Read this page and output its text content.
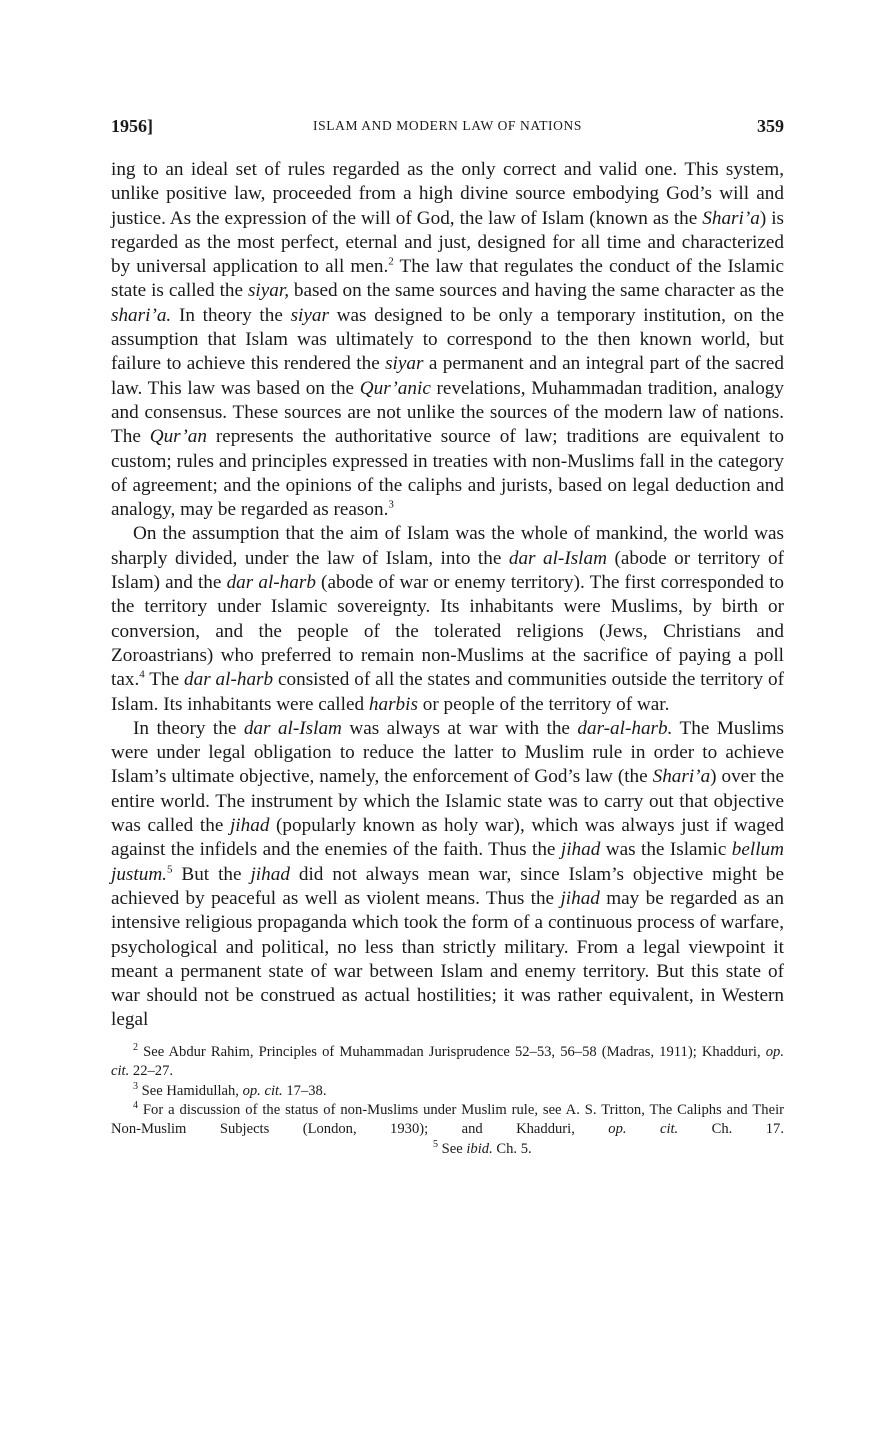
1956]	ISLAM AND MODERN LAW OF NATIONS	359

ing to an ideal set of rules regarded as the only correct and valid one. This system, unlike positive law, proceeded from a high divine source embodying God’s will and justice. As the expression of the will of God, the law of Islam (known as the Shari’a) is regarded as the most perfect, eternal and just, designed for all time and characterized by universal application to all men.$^2$ The law that regulates the conduct of the Islamic state is called the siyar, based on the same sources and having the same character as the shari’a. In theory the siyar was designed to be only a temporary institution, on the assumption that Islam was ultimately to correspond to the then known world, but failure to achieve this rendered the siyar a permanent and an integral part of the sacred law. This law was based on the Qur’anic revelations, Muhammadan tradition, analogy and consensus. These sources are not unlike the sources of the modern law of nations. The Qur’an represents the authoritative source of law; traditions are equivalent to custom; rules and principles expressed in treaties with non-Muslims fall in the category of agreement; and the opinions of the caliphs and jurists, based on legal deduction and analogy, may be regarded as reason.$^3$

On the assumption that the aim of Islam was the whole of mankind, the world was sharply divided, under the law of Islam, into the dar al-Islam (abode or territory of Islam) and the dar al-harb (abode of war or enemy territory). The first corresponded to the territory under Islamic sovereignty. Its inhabitants were Muslims, by birth or conversion, and the people of the tolerated religions (Jews, Christians and Zoroastrians) who preferred to remain non-Muslims at the sacrifice of paying a poll tax.$^4$ The dar al-harb consisted of all the states and communities outside the territory of Islam. Its inhabitants were called harbis or people of the territory of war.

In theory the dar al-Islam was always at war with the dar-al-harb. The Muslims were under legal obligation to reduce the latter to Muslim rule in order to achieve Islam’s ultimate objective, namely, the enforcement of God’s law (the Shari’a) over the entire world. The instrument by which the Islamic state was to carry out that objective was called the jihad (popularly known as holy war), which was always just if waged against the infidels and the enemies of the faith. Thus the jihad was the Islamic bellum justum.$^5$ But the jihad did not always mean war, since Islam’s objective might be achieved by peaceful as well as violent means. Thus the jihad may be regarded as an intensive religious propaganda which took the form of a continuous process of warfare, psychological and political, no less than strictly military. From a legal viewpoint it meant a permanent state of war between Islam and enemy territory. But this state of war should not be construed as actual hostilities; it was rather equivalent, in Western legal

$^2$ See Abdur Rahim, Principles of Muhammadan Jurisprudence 52–53, 56–58 (Madras, 1911); Khadduri, op. cit. 22–27.

$^3$ See Hamidullah, op. cit. 17–38.

$^4$ For a discussion of the status of non-Muslims under Muslim rule, see A. S. Tritton, The Caliphs and Their Non-Muslim Subjects (London, 1930); and Khadduri, op. cit. Ch. 17.$^5$ See ibid. Ch. 5.
